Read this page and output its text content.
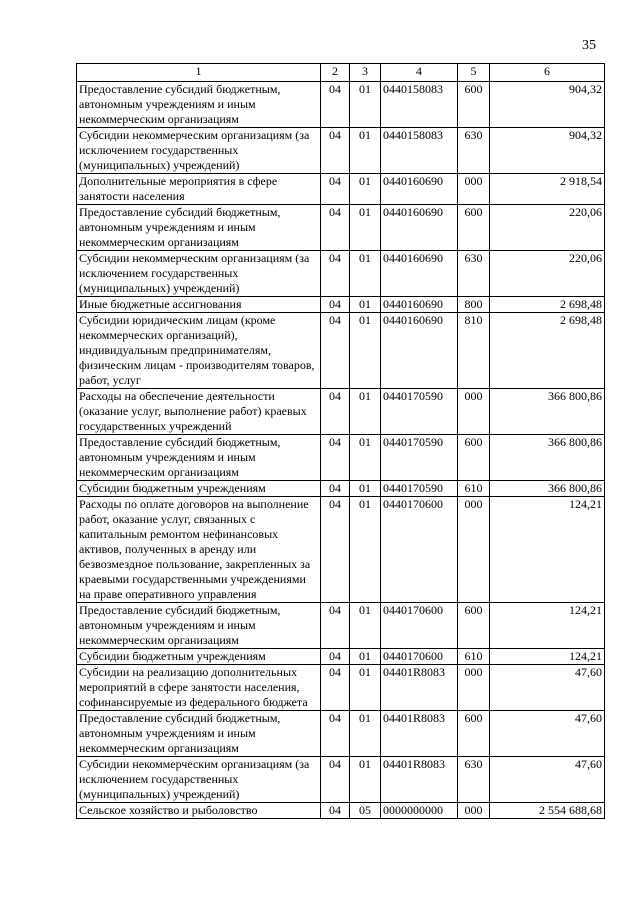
35
1	2	3	4	5	6
Предоставление субсидий бюджетным, автономным учреждениям и иным некоммерческим организациям	04	01	0440158083	600	904,32
Субсидии некоммерческим организациям (за исключением государственных (муниципальных) учреждений)	04	01	0440158083	630	904,32
Дополнительные мероприятия в сфере занятости населения	04	01	0440160690	000	2 918,54
Предоставление субсидий бюджетным, автономным учреждениям и иным некоммерческим организациям	04	01	0440160690	600	220,06
Субсидии некоммерческим организациям (за исключением государственных (муниципальных) учреждений)	04	01	0440160690	630	220,06
Иные бюджетные ассигнования	04	01	0440160690	800	2 698,48
Субсидии юридическим лицам (кроме некоммерческих организаций), индивидуальным предпринимателям, физическим лицам - производителям товаров, работ, услуг	04	01	0440160690	810	2 698,48
Расходы на обеспечение деятельности (оказание услуг, выполнение работ) краевых государственных учреждений	04	01	0440170590	000	366 800,86
Предоставление субсидий бюджетным, автономным учреждениям и иным некоммерческим организациям	04	01	0440170590	600	366 800,86
Субсидии бюджетным учреждениям	04	01	0440170590	610	366 800,86
Расходы по оплате договоров на выполнение работ, оказание услуг, связанных с капитальным ремонтом нефинансовых активов, полученных в аренду или безвозмездное пользование, закрепленных за краевыми государственными учреждениями на праве оперативного управления	04	01	0440170600	000	124,21
Предоставление субсидий бюджетным, автономным учреждениям и иным некоммерческим организациям	04	01	0440170600	600	124,21
Субсидии бюджетным учреждениям	04	01	0440170600	610	124,21
Субсидии на реализацию дополнительных мероприятий в сфере занятости населения, софинансируемые из федерального бюджета	04	01	04401R8083	000	47,60
Предоставление субсидий бюджетным, автономным учреждениям и иным некоммерческим организациям	04	01	04401R8083	600	47,60
Субсидии некоммерческим организациям (за исключением государственных (муниципальных) учреждений)	04	01	04401R8083	630	47,60
Сельское хозяйство и рыболовство	04	05	0000000000	000	2 554 688,68
